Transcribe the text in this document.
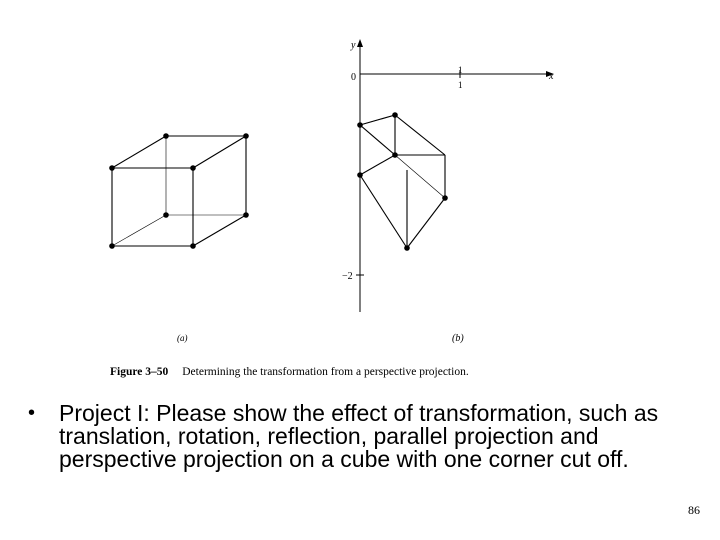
y
x
0
1
1
−2
(a)	(b)
Figure 3–50 Determining the transformation from a perspective projection.
• Project I: Please show the effect of transformation, such as translation, rotation, reflection, parallel projection and perspective projection on a cube with one corner cut off.
86
